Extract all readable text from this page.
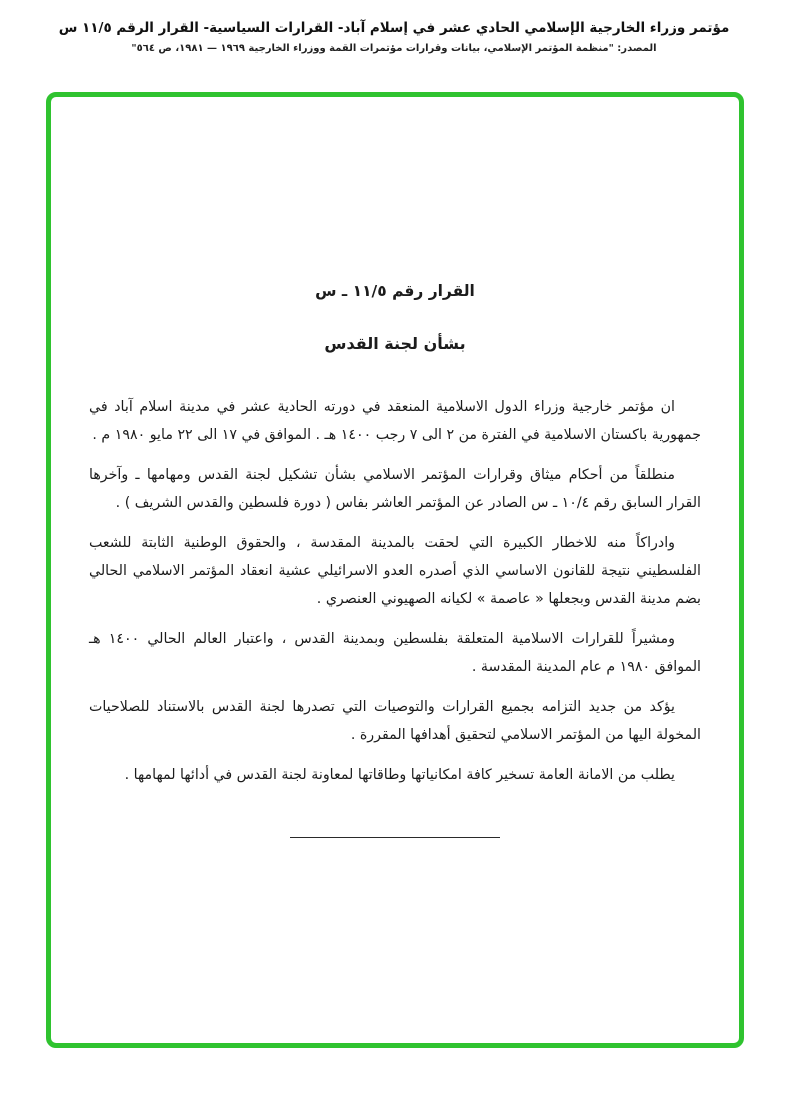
مؤتمر وزراء الخارجية الإسلامي الحادي عشر في إسلام آباد- القرارات السياسية- القرار الرقم ١١/٥ س
المصدر: "منظمة المؤتمر الإسلامي، بيانات وقرارات مؤتمرات القمة ووزراء الخارجية ١٩٦٩ — ١٩٨١، ص ٥٦٤"
القرار رقم ١١/٥ ـ س
بشأن لجنة القدس

ان مؤتمر خارجية وزراء الدول الاسلامية المنعقد في دورته الحادية عشر في مدينة اسلام آباد في جمهورية باكستان الاسلامية في الفترة من ٢ الى ٧ رجب ١٤٠٠ هـ . الموافق في ١٧ الى ٢٢ مايو ١٩٨٠ م .

منطلقاً من أحكام ميثاق وقرارات المؤتمر الاسلامي بشأن تشكيل لجنة القدس ومهامها ـ وآخرها القرار السابق رقم ١٠/٤ ـ س الصادر عن المؤتمر العاشر بفاس ( دورة فلسطين والقدس الشريف ) .

وادراكاً منه للاخطار الكبيرة التي لحقت بالمدينة المقدسة ، والحقوق الوطنية الثابتة للشعب الفلسطيني نتيجة للقانون الاساسي الذي أصدره العدو الاسرائيلي عشية انعقاد المؤتمر الاسلامي الحالي بضم مدينة القدس وبجعلها « عاصمة » لكيانه الصهيوني العنصري .

ومشيراً للقرارات الاسلامية المتعلقة بفلسطين وبمدينة القدس ، واعتبار العالم الحالي ١٤٠٠ هـ الموافق ١٩٨٠ م عام المدينة المقدسة .

يؤكد من جديد التزامه بجميع القرارات والتوصيات التي تصدرها لجنة القدس بالاستناد للصلاحيات المخولة اليها من المؤتمر الاسلامي لتحقيق أهدافها المقررة .

يطلب من الامانة العامة تسخير كافة امكانياتها وطاقاتها لمعاونة لجنة القدس في أدائها لمهامها .
